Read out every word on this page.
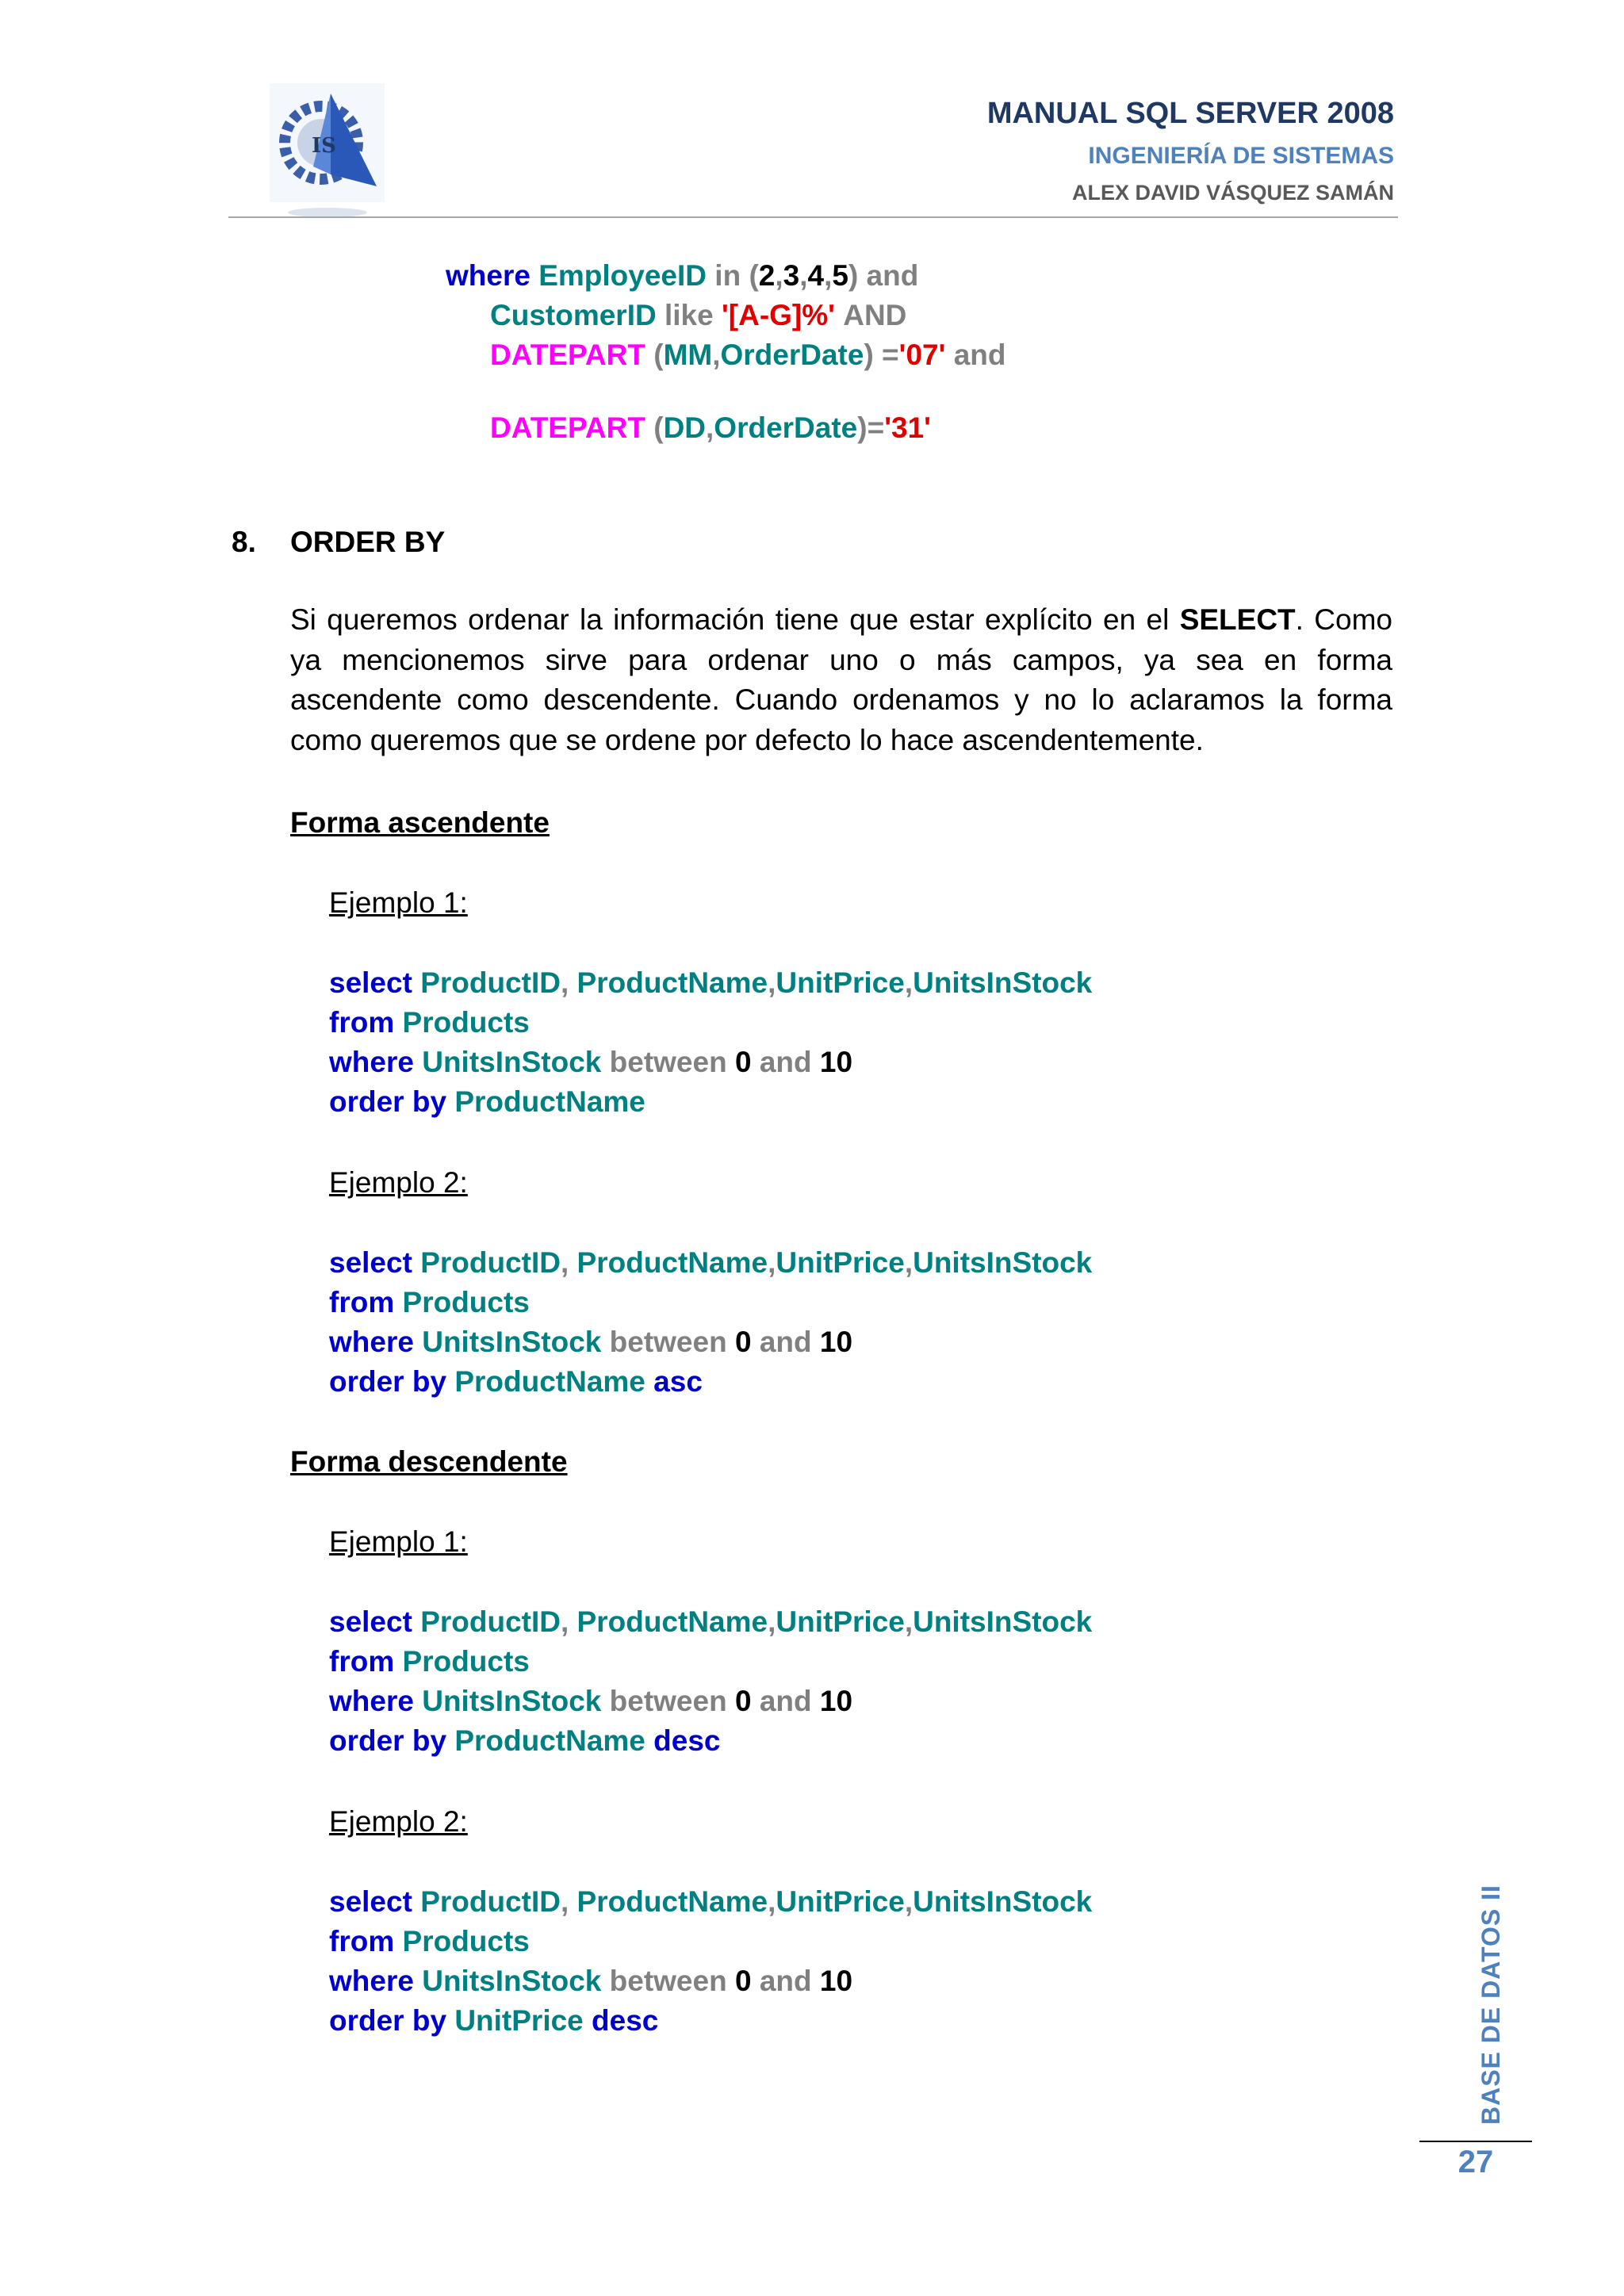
IS
MANUAL SQL SERVER 2008
INGENIERÍA DE SISTEMAS
ALEX DAVID VÁSQUEZ SAMÁN
where EmployeeID in (2,3,4,5) and
CustomerID like '[A-G]%' AND
DATEPART (MM,OrderDate) ='07' and
DATEPART (DD,OrderDate)='31'
8. ORDER BY
Si queremos ordenar la información tiene que estar explícito en el SELECT. Como ya mencionemos sirve para ordenar uno o más campos, ya sea en forma ascendente como descendente. Cuando ordenamos y no lo aclaramos la forma como queremos que se ordene por defecto lo hace ascendentemente.
Forma ascendente
Ejemplo 1:
select ProductID, ProductName,UnitPrice,UnitsInStock
from Products
where UnitsInStock between 0 and 10
order by ProductName
Ejemplo 2:
select ProductID, ProductName,UnitPrice,UnitsInStock
from Products
where UnitsInStock between 0 and 10
order by ProductName asc
Forma descendente
Ejemplo 1:
select ProductID, ProductName,UnitPrice,UnitsInStock
from Products
where UnitsInStock between 0 and 10
order by ProductName desc
Ejemplo 2:
select ProductID, ProductName,UnitPrice,UnitsInStock
from Products
where UnitsInStock between 0 and 10
order by UnitPrice desc	BASE DE DATOS II
27
